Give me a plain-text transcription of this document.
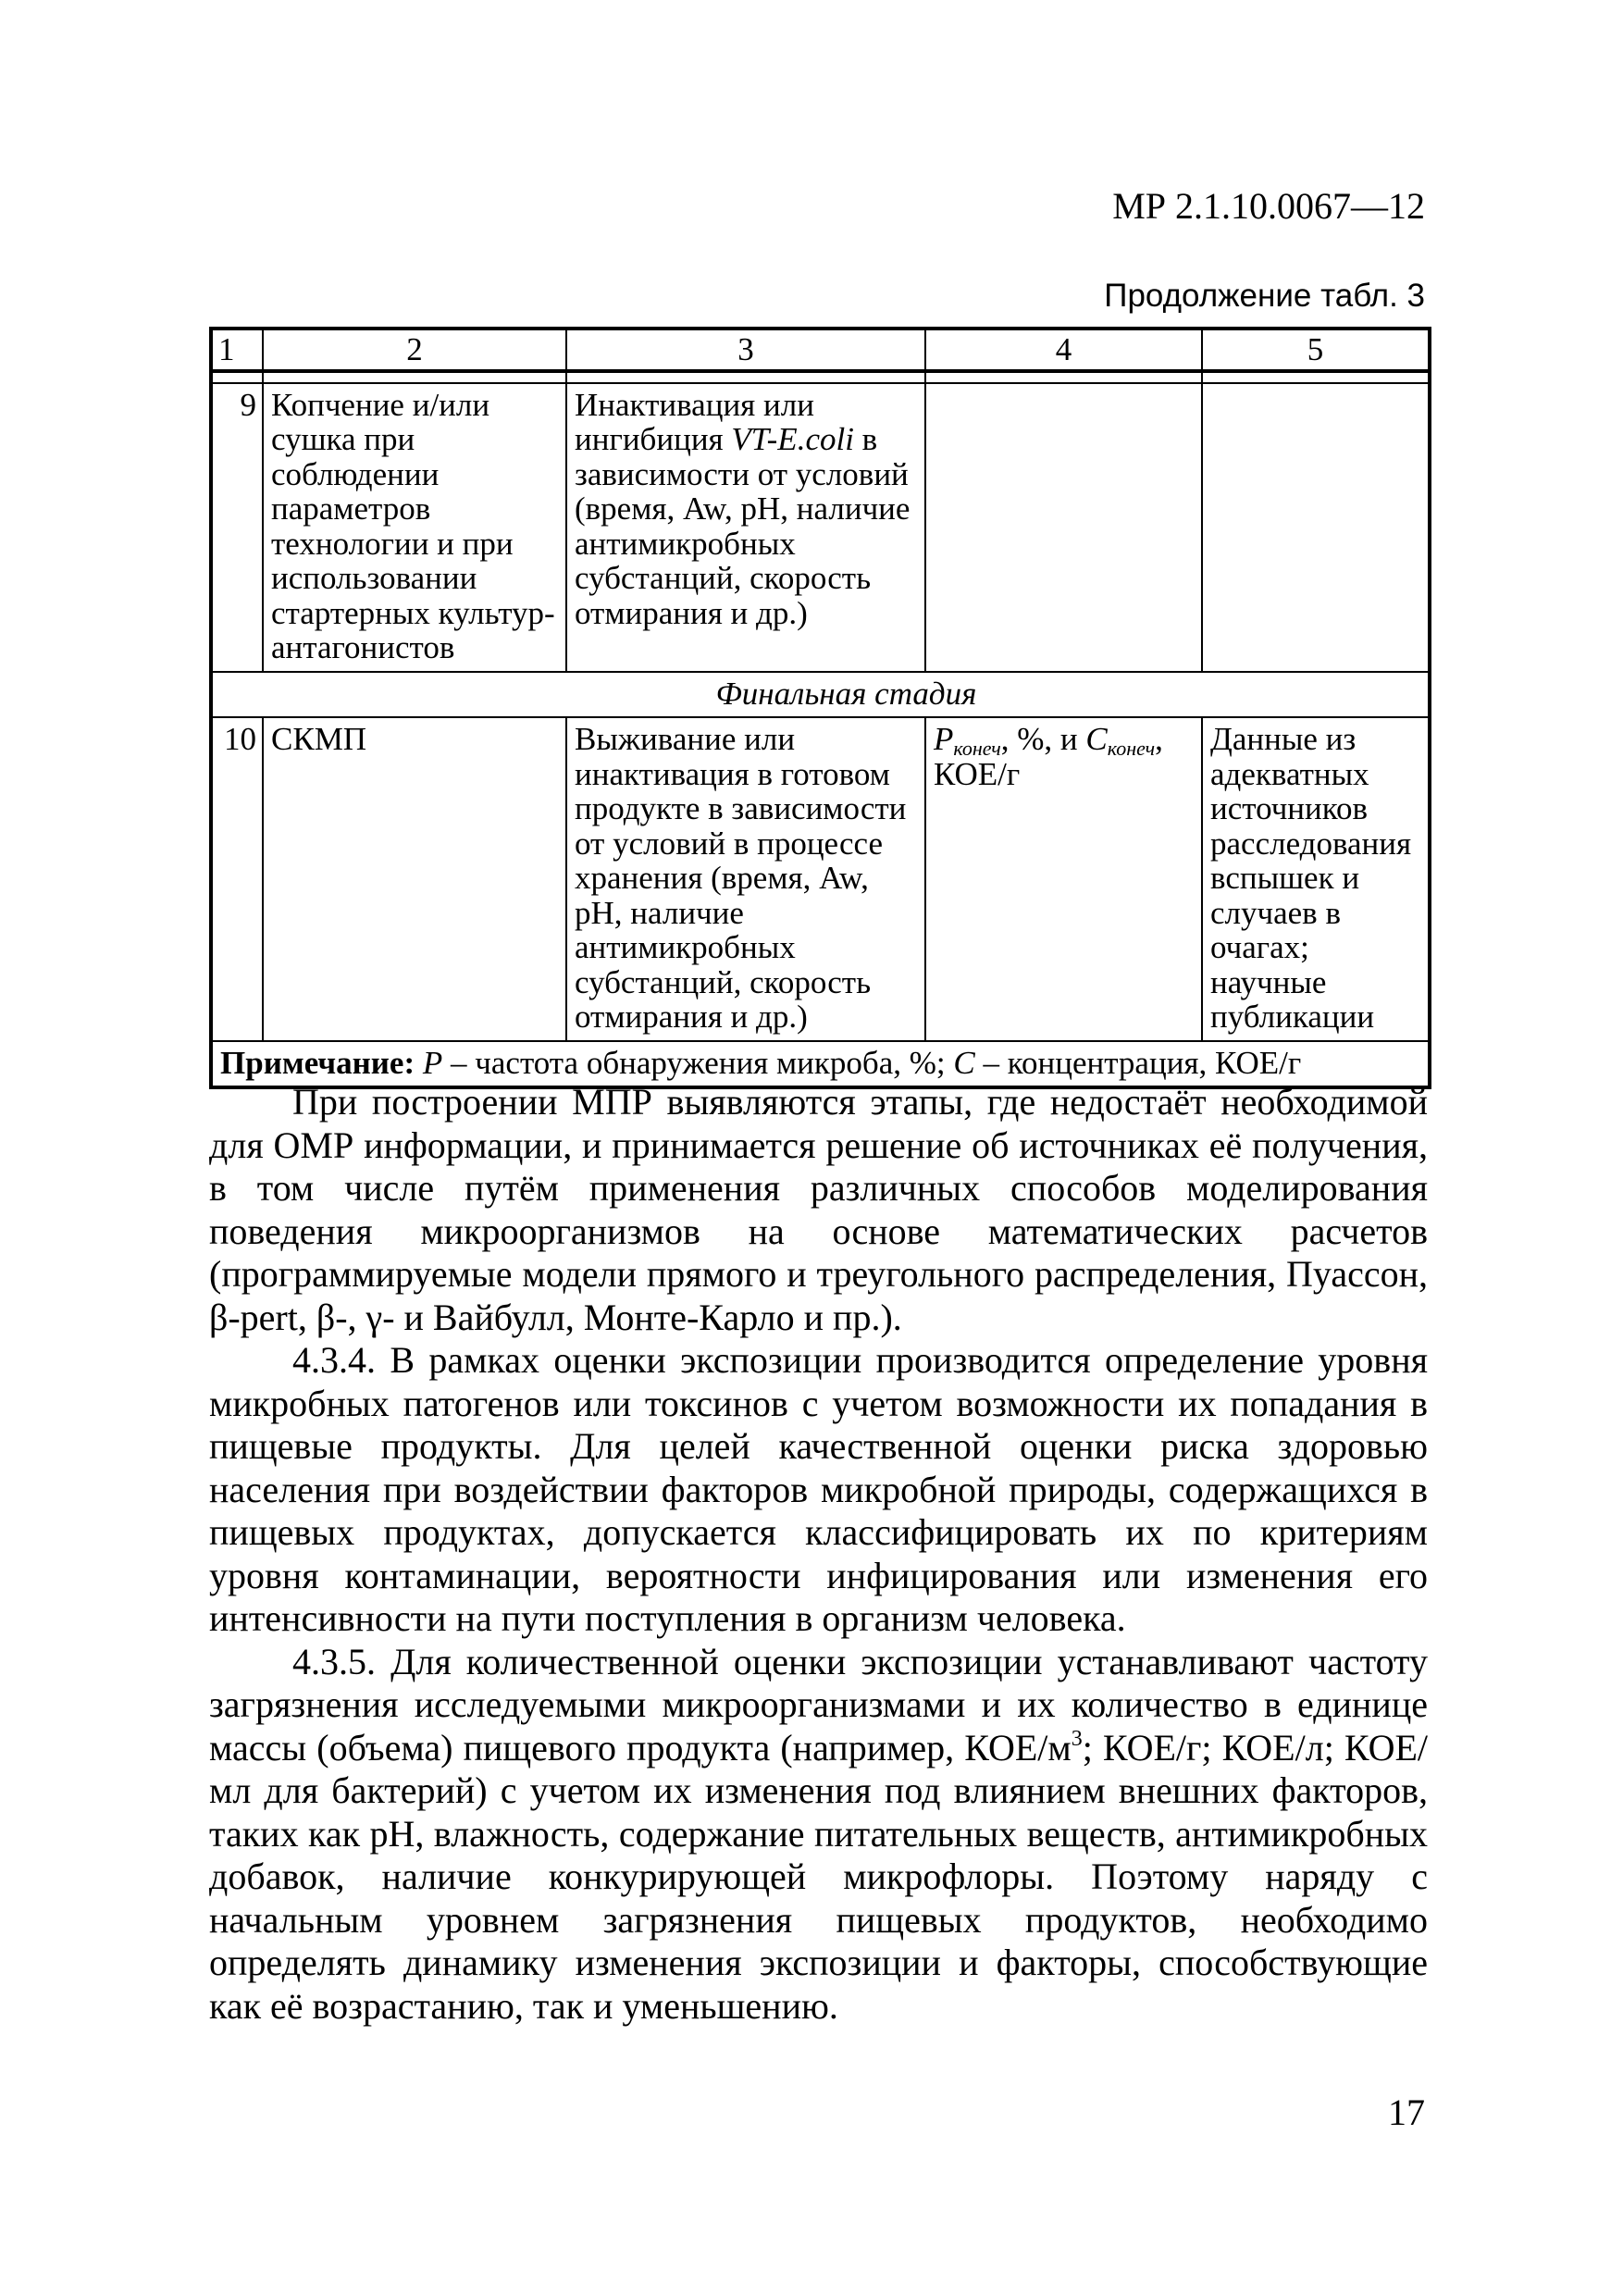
МР 2.1.10.0067—12
Продолжение табл. 3
1	2	3	4	5

9	Копчение и/или сушка при соблюдении параметров технологии и при использовании стартерных культур-антагонистов	Инактивация или ингибиция VT-E.coli в зависимости от условий (время, Aw, pH, наличие антимикробных субстанций, скорость отмирания и др.)		
	Финальная стадия			
10	СКМП	Выживание или инактивация в готовом продукте в зависимости от условий в процессе хранения (время, Aw, pH, наличие антимикробных субстанций, скорость отмирания и др.)	$P_{конеч}$, %, и $C_{конеч}$, КОЕ/г	Данные из адекватных источников расследования вспышек и случаев в очагах; научные публикации
Примечание: P – частота обнаружения микроба, %; C – концентрация, КОЕ/г				

При построении МПР выявляются этапы, где недостаёт необходимой для ОМР информации, и принимается решение об источниках её получения, в том числе путём применения различных способов моделирования поведения микроорганизмов на основе математических расчетов (программируемые модели прямого и треугольного распределения, Пуассон, β-pert, β-, γ- и Вайбулл, Монте-Карло и пр.).

4.3.4. В рамках оценки экспозиции производится определение уровня микробных патогенов или токсинов с учетом возможности их попадания в пищевые продукты. Для целей качественной оценки риска здоровью населения при воздействии факторов микробной природы, содержащихся в пищевых продуктах, допускается классифицировать их по критериям уровня контаминации, вероятности инфицирования или изменения его интенсивности на пути поступления в организм человека.

4.3.5. Для количественной оценки экспозиции устанавливают частоту загрязнения исследуемыми микроорганизмами и их количество в единице массы (объема) пищевого продукта (например, КОЕ/$м^3$; КОЕ/г; КОЕ/л; КОЕ/мл для бактерий) с учетом их изменения под влиянием внешних факторов, таких как pH, влажность, содержание питательных веществ, антимикробных добавок, наличие конкурирующей микрофлоры. Поэтому наряду с начальным уровнем загрязнения пищевых продуктов, необходимо определять динамику изменения экспозиции и факторы, способствующие как её возрастанию, так и уменьшению.

17
